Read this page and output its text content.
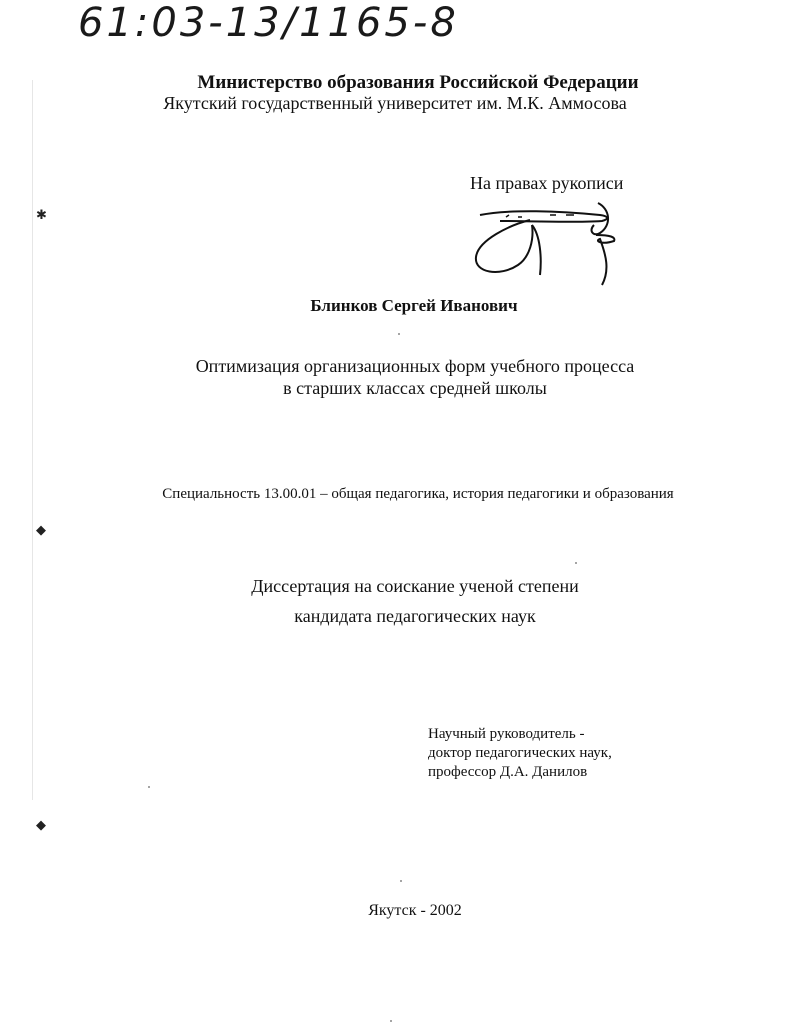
61:03-13/1165-8
Министерство образования Российской Федерации
Якутский государственный университет им. М.К. Аммосова
На правах рукописи
Блинков Сергей Иванович
Оптимизация организационных форм учебного процесса
в старших классах средней школы
Специальность 13.00.01 – общая педагогика, история педагогики и образования
Диссертация на соискание ученой степени
кандидата педагогических наук
Научный руководитель -
доктор педагогических наук,
профессор Д.А. Данилов
Якутск - 2002
✱
◆
◆
